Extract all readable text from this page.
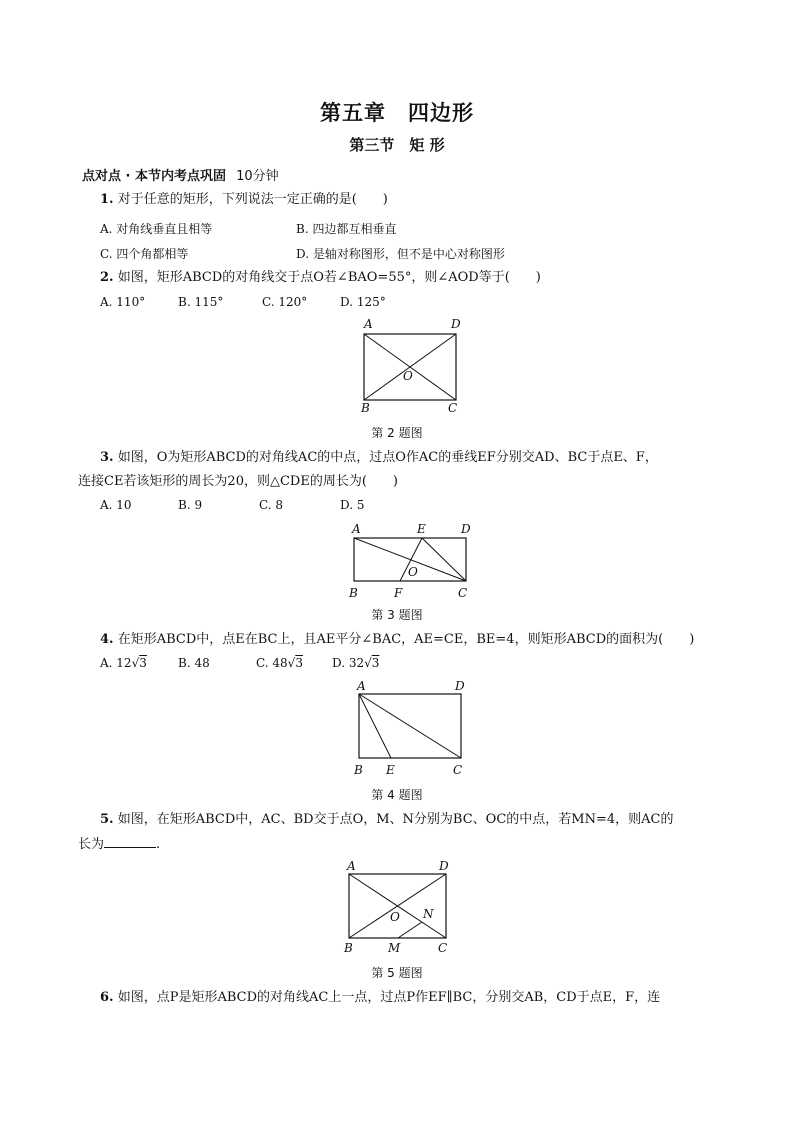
第五章　四边形
第三节　矩 形
点对点 · 本节内考点巩固 10分钟
1. 对于任意的矩形，下列说法一定正确的是(　　)
A. 对角线垂直且相等	B. 四边都互相垂直
C. 四个角都相等	D. 是轴对称图形，但不是中心对称图形
2. 如图，矩形ABCD的对角线交于点O若∠BAO=55°，则∠AOD等于(　　)
A. 110°	B. 115°	C. 120°	D. 125°
A	D
O
B	C
第 2 题图
3. 如图，O为矩形ABCD的对角线AC的中点，过点O作AC的垂线EF分别交AD、BC于点E、F，
连接CE若该矩形的周长为20，则△CDE的周长为(　　)
A. 10	B. 9	C. 8	D. 5
A	E	D
O
B	F	C
第 3 题图
4. 在矩形ABCD中，点E在BC上，且AE平分∠BAC，AE=CE，BE=4，则矩形ABCD的面积为(　　)
A. 12√3	B. 48	C. 48√3 D. 32√3
A	D
B E	C
第 4 题图
5. 如图，在矩形ABCD中，AC、BD交于点O，M、N分别为BC、OC的中点，若MN=4，则AC的
长为	.
A	D
O N
B	M	C
第 5 题图
6. 如图，点P是矩形ABCD的对角线AC上一点，过点P作EF∥BC，分别交AB，CD于点E，F，连
